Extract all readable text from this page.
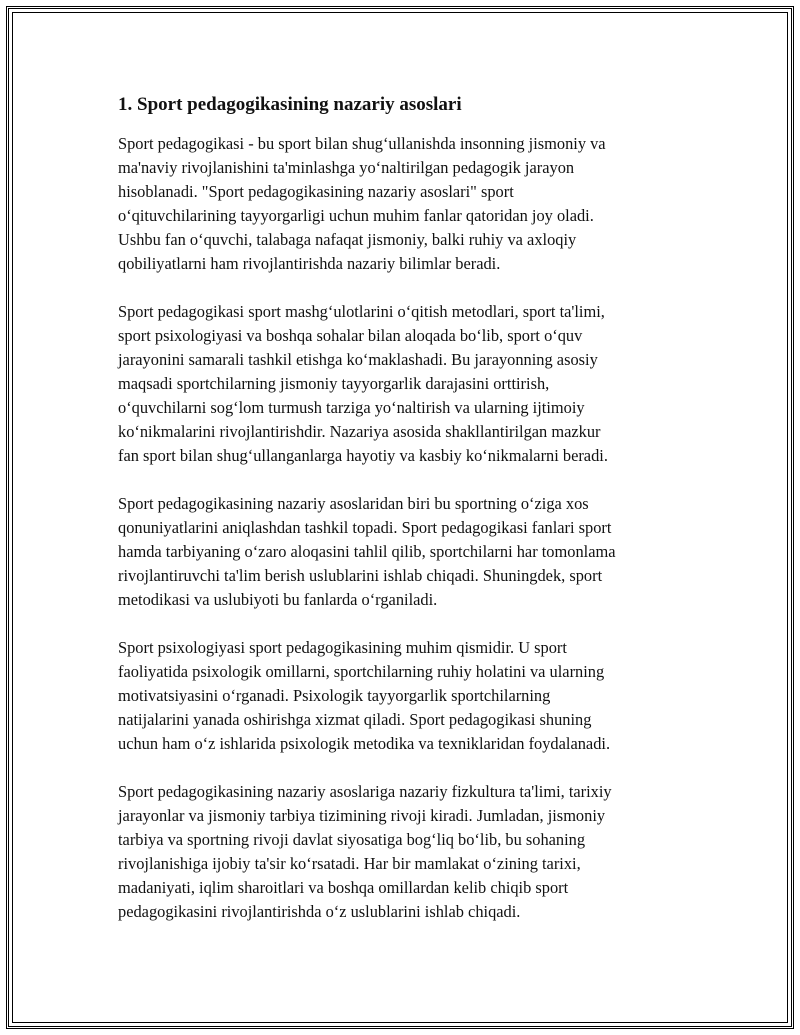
1. Sport pedagogikasining nazariy asoslari
Sport pedagogikasi - bu sport bilan shugʻullanishda insonning jismoniy va
ma'naviy rivojlanishini ta'minlashga yoʻnaltirilgan pedagogik jarayon
hisoblanadi. "Sport pedagogikasining nazariy asoslari" sport
oʻqituvchilarining tayyorgarligi uchun muhim fanlar qatoridan joy oladi.
Ushbu fan oʻquvchi, talabaga nafaqat jismoniy, balki ruhiy va axloqiy
qobiliyatlarni ham rivojlantirishda nazariy bilimlar beradi.
Sport pedagogikasi sport mashgʻulotlarini oʻqitish metodlari, sport ta'limi,
sport psixologiyasi va boshqa sohalar bilan aloqada boʻlib, sport oʻquv
jarayonini samarali tashkil etishga koʻmaklashadi. Bu jarayonning asosiy
maqsadi sportchilarning jismoniy tayyorgarlik darajasini orttirish,
oʻquvchilarni sogʻlom turmush tarziga yoʻnaltirish va ularning ijtimoiy
koʻnikmalarini rivojlantirishdir. Nazariya asosida shakllantirilgan mazkur
fan sport bilan shugʻullanganlarga hayotiy va kasbiy koʻnikmalarni beradi.
Sport pedagogikasining nazariy asoslaridan biri bu sportning oʻziga xos
qonuniyatlarini aniqlashdan tashkil topadi. Sport pedagogikasi fanlari sport
hamda tarbiyaning oʻzaro aloqasini tahlil qilib, sportchilarni har tomonlama
rivojlantiruvchi ta'lim berish uslublarini ishlab chiqadi. Shuningdek, sport
metodikasi va uslubiyoti bu fanlarda oʻrganiladi.
Sport psixologiyasi sport pedagogikasining muhim qismidir. U sport
faoliyatida psixologik omillarni, sportchilarning ruhiy holatini va ularning
motivatsiyasini oʻrganadi. Psixologik tayyorgarlik sportchilarning
natijalarini yanada oshirishga xizmat qiladi. Sport pedagogikasi shuning
uchun ham oʻz ishlarida psixologik metodika va texniklaridan foydalanadi.
Sport pedagogikasining nazariy asoslariga nazariy fizkultura ta'limi, tarixiy
jarayonlar va jismoniy tarbiya tizimining rivoji kiradi. Jumladan, jismoniy
tarbiya va sportning rivoji davlat siyosatiga bogʻliq boʻlib, bu sohaning
rivojlanishiga ijobiy ta'sir koʻrsatadi. Har bir mamlakat oʻzining tarixi,
madaniyati, iqlim sharoitlari va boshqa omillardan kelib chiqib sport
pedagogikasini rivojlantirishda oʻz uslublarini ishlab chiqadi.
